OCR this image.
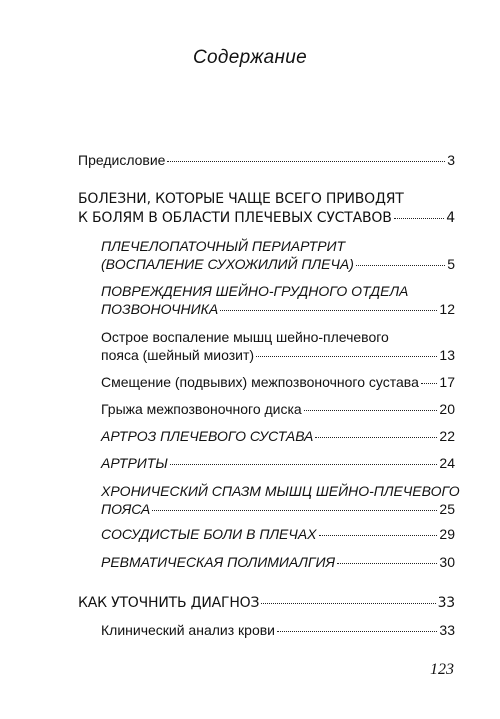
Содержание
Предисловие	3
БОЛЕЗНИ, КОТОРЫЕ ЧАЩЕ ВСЕГО ПРИВОДЯТ
К БОЛЯМ В ОБЛАСТИ ПЛЕЧЕВЫХ СУСТАВОВ	4
ПЛЕЧЕЛОПАТОЧНЫЙ ПЕРИАРТРИТ
(ВОСПАЛЕНИЕ СУХОЖИЛИЙ ПЛЕЧА)	5
ПОВРЕЖДЕНИЯ ШЕЙНО-ГРУДНОГО ОТДЕЛА
ПОЗВОНОЧНИКА	12
Острое воспаление мышц шейно-плечевого
пояса (шейный миозит)	13
Смещение (подвывих) межпозвоночного сустава 17
Грыжа межпозвоночного диска	20
АРТРОЗ ПЛЕЧЕВОГО СУСТАВА	22
АРТРИТЫ	24
ХРОНИЧЕСКИЙ СПАЗМ МЫШЦ ШЕЙНО-ПЛЕЧЕВОГО
ПОЯСА	25
СОСУДИСТЫЕ БОЛИ В ПЛЕЧАХ	29
РЕВМАТИЧЕСКАЯ ПОЛИМИАЛГИЯ	30
КАК УТОЧНИТЬ ДИАГНОЗ	33
Клинический анализ крови	33
123
